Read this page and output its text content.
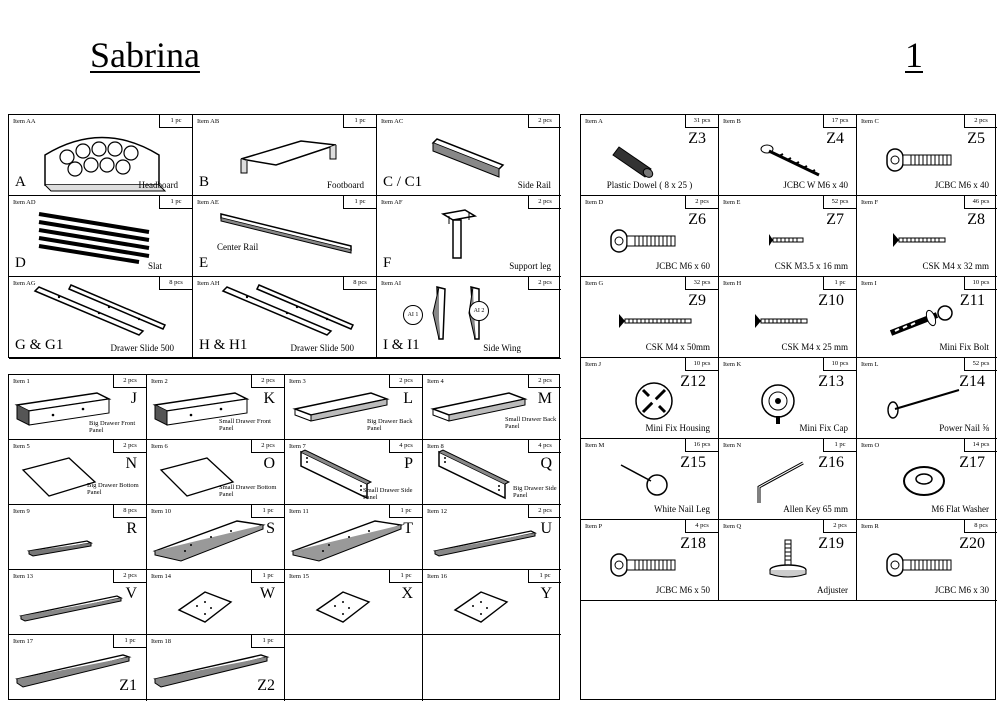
Sabrina	1
Item AA	1 pc
A	Headboard
Item AB	1 pc
B	Footboard
Item AC	2 pcs
C / C1	Side Rail
Item AD	1 pc
D	Slat
Item AE	1 pc
E
Center Rail
Item AF	2 pcs
F	Support leg
Item AG	8 pcs
G & G1	Drawer Slide 500
Item AH	8 pcs
H & H1	Drawer Slide 500
Item AI	2 pcs
I & I1	Side Wing
AI 1
AI 2
Item 1	2 pcs
J
Big Drawer Front Panel
Item 2	2 pcs
K
Small Drawer Front Panel
Item 3	2 pcs
L
Big Drawer Back Panel
Item 4	2 pcs
M
Small Drawer Back Panel
Item 5	2 pcs
N
Big Drawer Bottom Panel
Item 6	2 pcs
O
Small Drawer Bottom Panel
Item 7	4 pcs
P
Small Drawer Side Panel
Item 8	4 pcs
Q
Big Drawer Side Panel
Item 9	8 pcs
R
Item 10	1 pc
S
Item 11	1 pc
T
Item 12	2 pcs
U
Item 13	2 pcs
V
Item 14	1 pc
W
Item 15	1 pc
X
Item 16	1 pc
Y
Item 17	1 pc
Z1
Item 18	1 pc
Z2
Item A	31 pcs
Z3
Plastic Dowel ( 8 x 25 )
Item B	17 pcs
Z4
JCBC W M6 x 40
Item C	2 pcs
Z5
JCBC M6 x 40
Item D	2 pcs
Z6
JCBC M6 x 60
Item E	52 pcs
Z7
CSK M3.5 x 16 mm
Item F	46 pcs
Z8
CSK M4 x 32 mm
Item G	32 pcs
Z9
CSK M4 x 50mm
Item H	1 pc
Z10
CSK M4 x 25 mm
Item I	10 pcs
Z11
Mini Fix Bolt
Item J	10 pcs
Z12
Mini Fix Housing
Item K	10 pcs
Z13
Mini Fix Cap
Item L	52 pcs
Z14
Power Nail ⅝
Item M	16 pcs
Z15
White Nail Leg
Item N	1 pc
Z16
Allen Key 65 mm
Item O	14 pcs
Z17
M6 Flat Washer
Item P	4 pcs
Z18
JCBC M6 x 50
Item Q	2 pcs
Z19
Adjuster
Item R	8 pcs
Z20
JCBC M6 x 30
